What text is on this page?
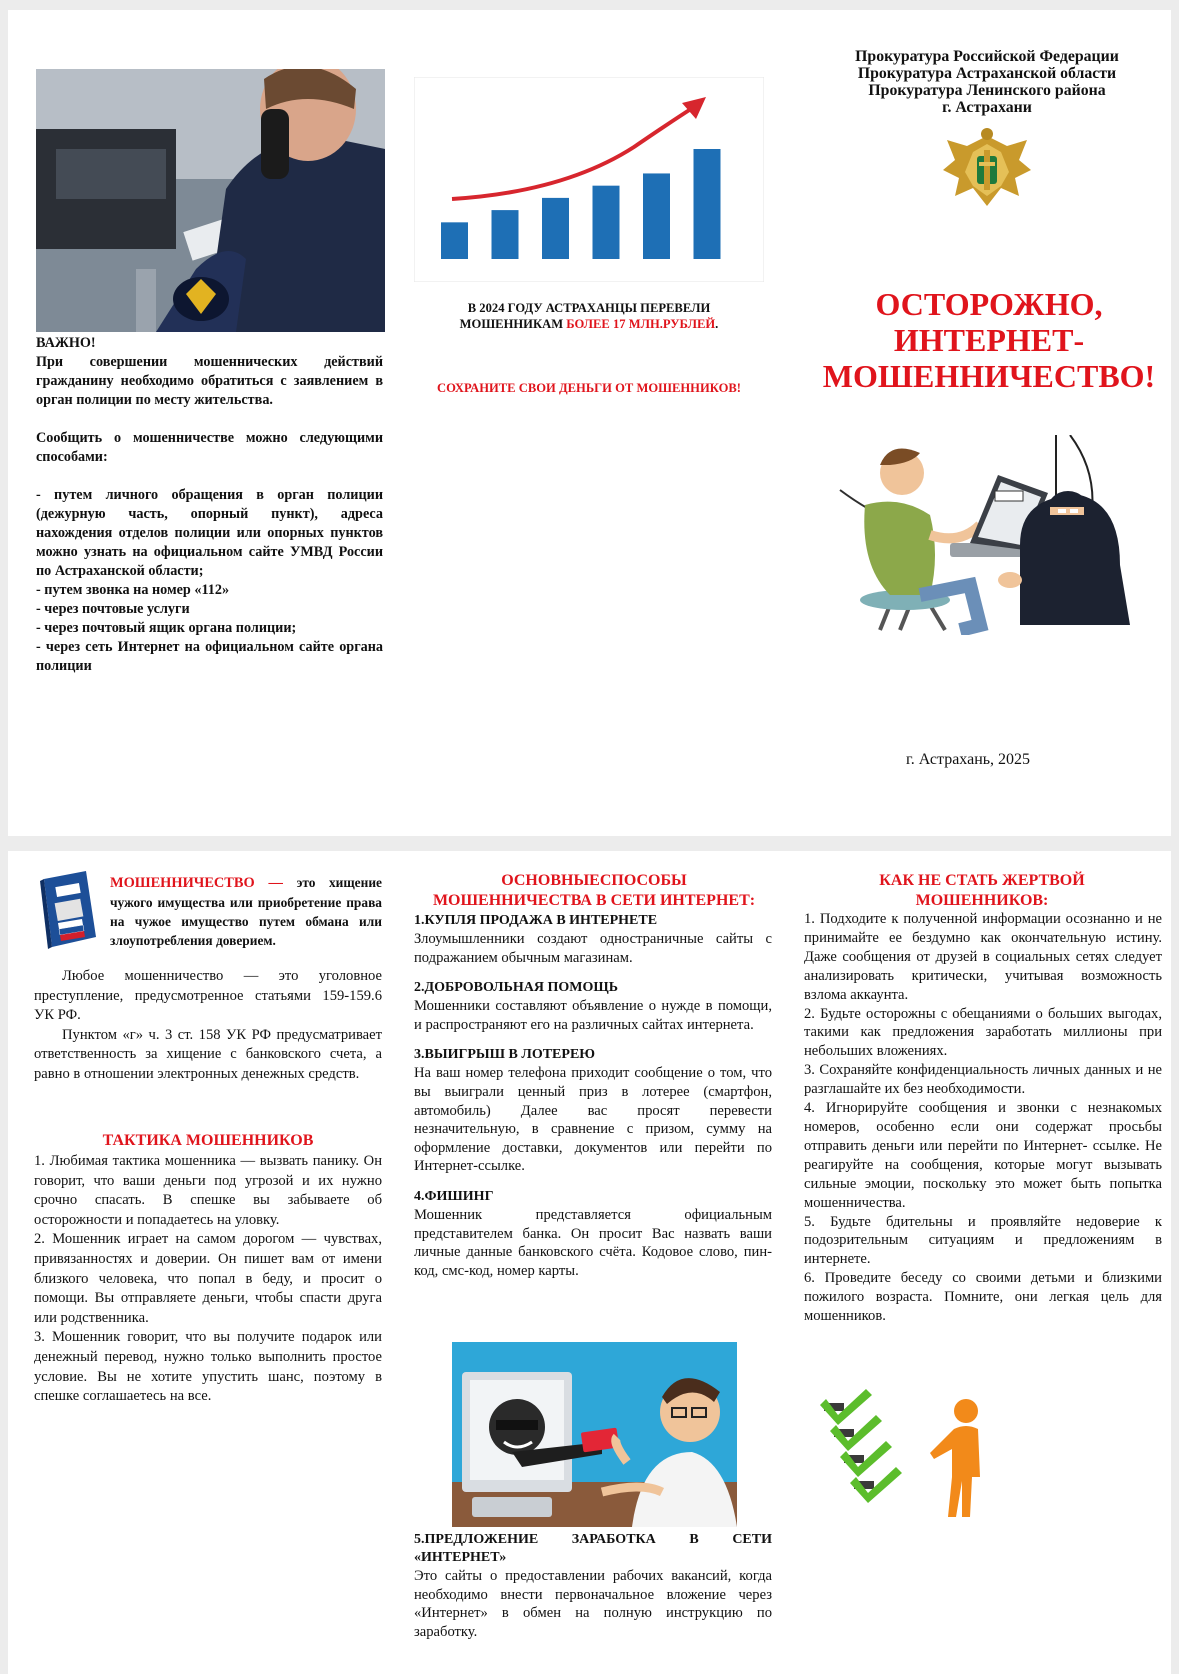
ВАЖНО!

При совершении мошеннических действий гражданину необходимо обратиться с заявлением в орган полиции по месту жительства.

Сообщить о мошенничестве можно следующими способами:

- путем личного обращения в орган полиции (дежурную часть, опорный пункт), адреса нахождения отделов полиции или опорных пунктов можно узнать на официальном сайте УМВД России по Астраханской области;

- путем звонка на номер «112»

- через почтовые услуги

- через почтовый ящик органа полиции;

- через сеть Интернет на официальном сайте органа полиции

В 2024 ГОДУ АСТРАХАНЦЫ ПЕРЕВЕЛИ
МОШЕННИКАМ БОЛЕЕ 17 МЛН.РУБЛЕЙ.
СОХРАНИТЕ СВОИ ДЕНЬГИ ОТ МОШЕННИКОВ!
Прокуратура Российской Федерации
Прокуратура Астраханской области
Прокуратура Ленинского района
г. Астрахани
ОСТОРОЖНО,
ИНТЕРНЕТ-
МОШЕННИЧЕСТВО!
г. Астрахань, 2025
МОШЕННИЧЕСТВО — это хищение чужого имущества или приобретение права на чужое имущество путем обмана или злоупотребления доверием.

Любое мошенничество — это уголовное преступление, предусмотренное статьями 159-159.6 УК РФ.

Пунктом «г» ч. 3 ст. 158 УК РФ предусматривает ответственность за хищение с банковского счета, а равно в отношении электронных денежных средств.

ТАКТИКА МОШЕННИКОВ

1. Любимая тактика мошенника — вызвать панику. Он говорит, что ваши деньги под угрозой и их нужно срочно спасать. В спешке вы забываете об осторожности и попадаетесь на уловку.

2. Мошенник играет на самом дорогом — чувствах, привязанностях и доверии. Он пишет вам от имени близкого человека, что попал в беду, и просит о помощи. Вы отправляете деньги, чтобы спасти друга или родственника.

3. Мошенник говорит, что вы получите подарок или денежный перевод, нужно только выполнить простое условие. Вы не хотите упустить шанс, поэтому в спешке соглашаетесь на все.

ОСНОВНЫЕСПОСОБЫ
МОШЕННИЧЕСТВА В СЕТИ ИНТЕРНЕТ:
1.КУПЛЯ ПРОДАЖА В ИНТЕРНЕТЕ
Злоумышленники создают одностраничные сайты с подражанием обычным магазинам.
2.ДОБРОВОЛЬНАЯ ПОМОЩЬ
Мошенники составляют объявление о нужде в помощи, и распространяют его на различных сайтах интернета.
3.ВЫИГРЫШ В ЛОТЕРЕЮ
На ваш номер телефона приходит сообщение о том, что вы выиграли ценный приз в лотерее (смартфон, автомобиль) Далее вас просят перевести незначительную, в сравнение с призом, сумму на оформление доставки, документов или перейти по Интернет-ссылке.
4.ФИШИНГ
Мошенник представляется официальным представителем банка. Он просит Вас назвать ваши личные данные банковского счёта. Кодовое слово, пин-код, смс-код, номер карты.
5.ПРЕДЛОЖЕНИЕ ЗАРАБОТКА В СЕТИ «ИНТЕРНЕТ»
Это сайты о предоставлении рабочих вакансий, когда необходимо внести первоначальное вложение через «Интернет» в обмен на полную инструкцию по заработку.
КАК НЕ СТАТЬ ЖЕРТВОЙ
МОШЕННИКОВ:

1. Подходите к полученной информации осознанно и не принимайте ее бездумно как окончательную истину. Даже сообщения от друзей в социальных сетях следует анализировать критически, учитывая возможность взлома аккаунта.

2. Будьте осторожны с обещаниями о больших выгодах, такими как предложения заработать миллионы при небольших вложениях.

3. Сохраняйте конфиденциальность личных данных и не разглашайте их без необходимости.

4. Игнорируйте сообщения и звонки с незнакомых номеров, особенно если они содержат просьбы отправить деньги или перейти по Интернет- ссылке. Не реагируйте на сообщения, которые могут вызывать сильные эмоции, поскольку это может быть попытка мошенничества.

5. Будьте бдительны и проявляйте недоверие к подозрительным ситуациям и предложениям в интернете.

6. Проведите беседу со своими детьми и близкими пожилого возраста. Помните, они легкая цель для мошенников.
